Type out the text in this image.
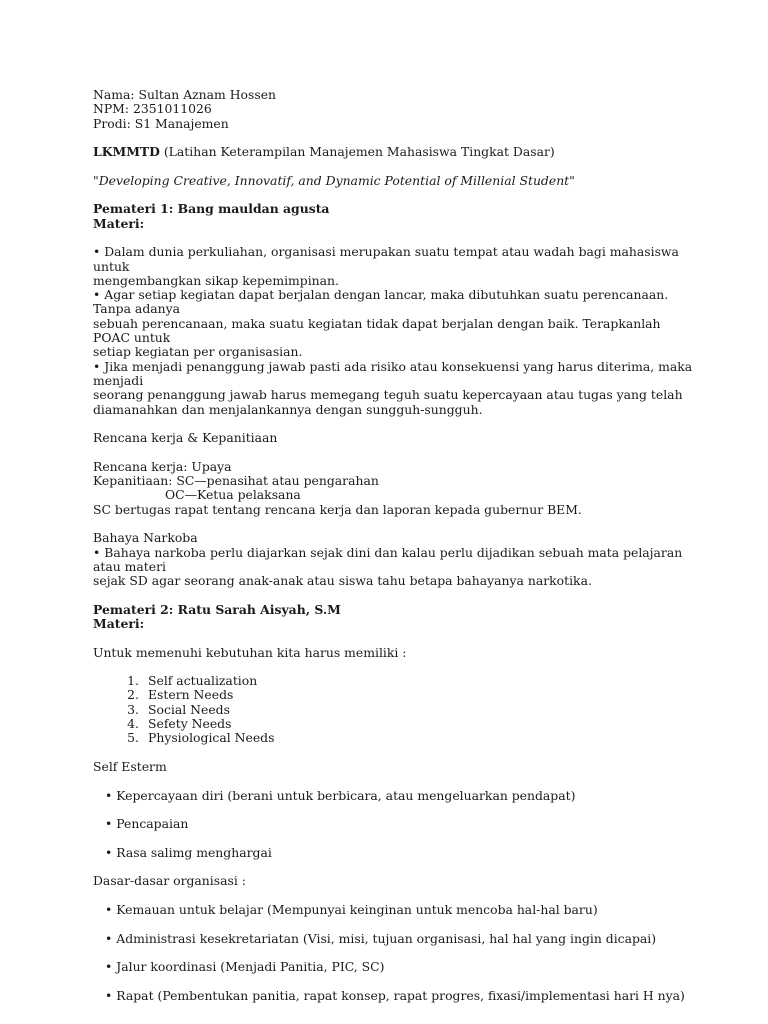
Nama: Sultan Aznam Hossen

NPM: 2351011026

Prodi: S1 Manajemen

LKMMTD (Latihan Keterampilan Manajemen Mahasiswa Tingkat Dasar)

"Developing Creative, Innovatif, and Dynamic Potential of Millenial Student"

Pemateri 1: Bang mauldan agusta

Materi:

• Dalam dunia perkuliahan, organisasi merupakan suatu tempat atau wadah bagi mahasiswa untuk
mengembangkan sikap kepemimpinan.

• Agar setiap kegiatan dapat berjalan dengan lancar, maka dibutuhkan suatu perencanaan. Tanpa adanya
sebuah perencanaan, maka suatu kegiatan tidak dapat berjalan dengan baik. Terapkanlah POAC untuk
setiap kegiatan per organisasian.

• Jika menjadi penanggung jawab pasti ada risiko atau konsekuensi yang harus diterima, maka menjadi
seorang penanggung jawab harus memegang teguh suatu kepercayaan atau tugas yang telah
diamanahkan dan menjalankannya dengan sungguh-sungguh.

Rencana kerja & Kepanitiaan

Rencana kerja: Upaya

Kepanitiaan: SC—penasihat atau pengarahan

OC—Ketua pelaksana

SC bertugas rapat tentang rencana kerja dan laporan kepada gubernur BEM.

Bahaya Narkoba

• Bahaya narkoba perlu diajarkan sejak dini dan kalau perlu dijadikan sebuah mata pelajaran atau materi
sejak SD agar seorang anak-anak atau siswa tahu betapa bahayanya narkotika.

Pemateri 2: Ratu Sarah Aisyah, S.M

Materi:

Untuk memenuhi kebutuhan kita harus memiliki :

1. Self actualization
2. Estern Needs
3. Social Needs
4. Sefety Needs
5. Physiological Needs

Self Esterm

• Kepercayaan diri (berani untuk berbicara, atau mengeluarkan pendapat)

• Pencapaian

• Rasa salimg menghargai

Dasar-dasar organisasi :

• Kemauan untuk belajar (Mempunyai keinginan untuk mencoba hal-hal baru)

• Administrasi kesekretariatan (Visi, misi, tujuan organisasi, hal hal yang ingin dicapai)

• Jalur koordinasi (Menjadi Panitia, PIC, SC)

• Rapat (Pembentukan panitia, rapat konsep, rapat progres, fixasi/implementasi hari H nya)
